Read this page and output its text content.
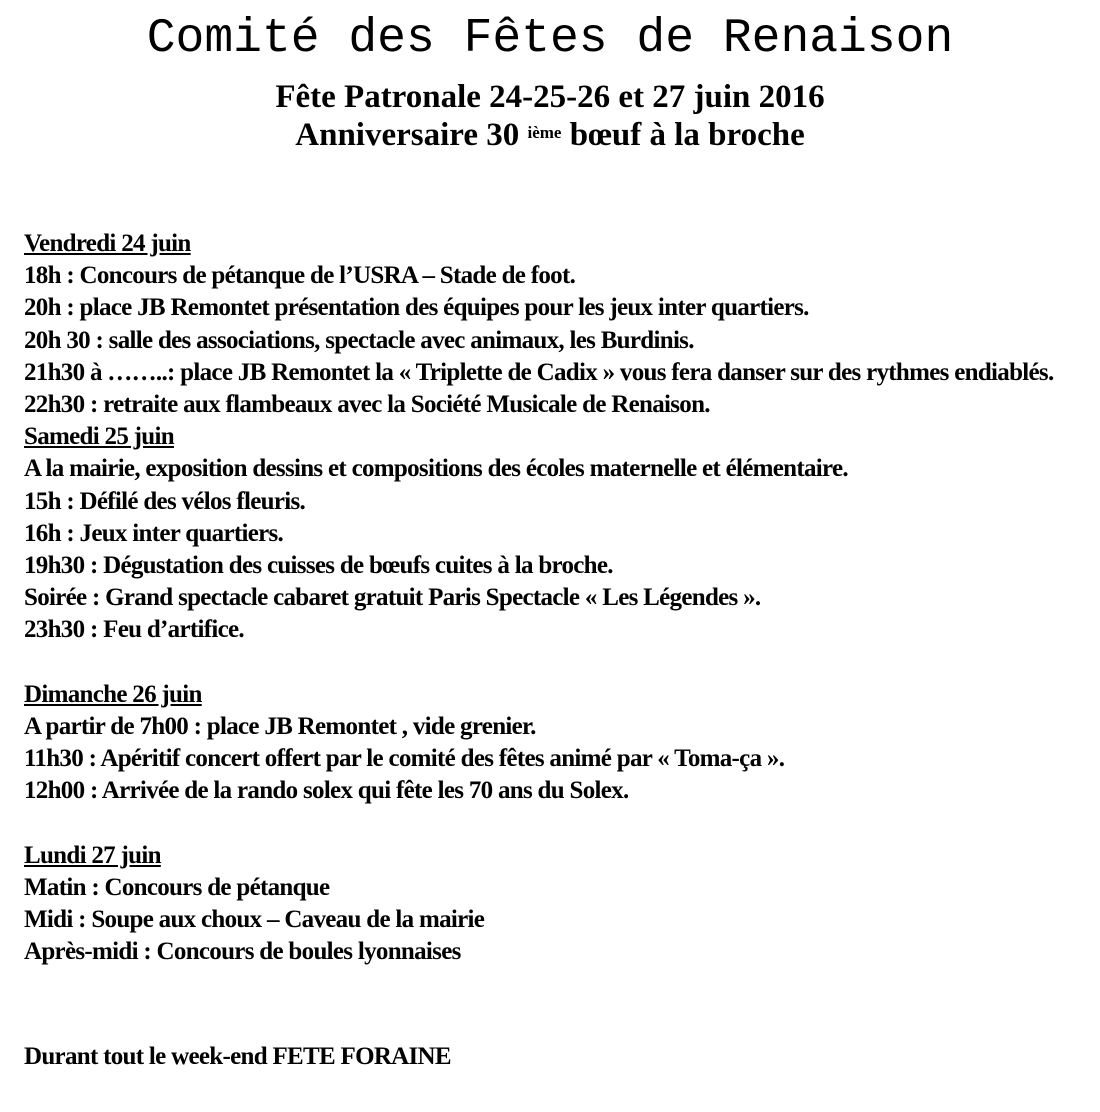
Comité des Fêtes de Renaison
Fête Patronale 24-25-26 et 27 juin 2016
Anniversaire 30 $^{ième}$ bœuf à la broche
Vendredi 24 juin
18h : Concours de pétanque de l’USRA – Stade de foot.
20h : place JB Remontet présentation des équipes pour les jeux inter quartiers.
20h 30 : salle des associations, spectacle avec animaux, les Burdinis.
21h30 à ……..: place JB Remontet la « Triplette de Cadix » vous fera danser sur des rythmes endiablés.
22h30 : retraite aux flambeaux avec la Société Musicale de Renaison.
Samedi 25 juin
A la mairie, exposition dessins et compositions des écoles maternelle et élémentaire.
15h : Défilé des vélos fleuris.
16h : Jeux inter quartiers.
19h30 : Dégustation des cuisses de bœufs cuites à la broche.
Soirée : Grand spectacle cabaret gratuit Paris Spectacle « Les Légendes ».
23h30 : Feu d’artifice.
Dimanche 26 juin
A partir de 7h00 : place JB Remontet , vide grenier.
11h30 : Apéritif concert offert par le comité des fêtes animé par « Toma-ça ».
12h00 : Arrivée de la rando solex qui fête les 70 ans du Solex.
Lundi 27 juin
Matin : Concours de pétanque
Midi : Soupe aux choux – Caveau de la mairie
Après-midi : Concours de boules lyonnaises
Durant tout le week-end FETE FORAINE
